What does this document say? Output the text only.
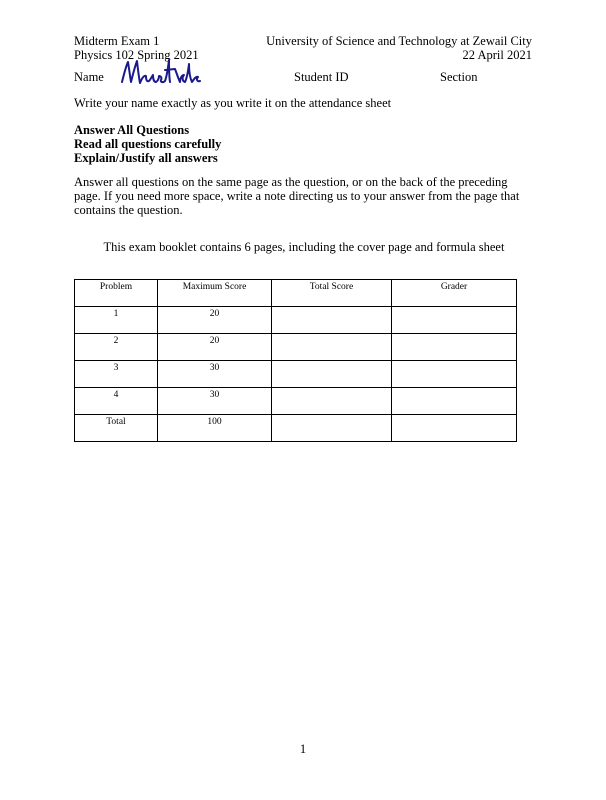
Midterm Exam 1
Physics 102 Spring 2021
University of Science and Technology at Zewail City
22 April 2021
Name	Student ID	Section
Write your name exactly as you write it on the attendance sheet
Answer All Questions
Read all questions carefully
Explain/Justify all answers
Answer all questions on the same page as the question, or on the back of the preceding page. If you need more space, write a note directing us to your answer from the page that contains the question.
This exam booklet contains 6 pages, including the cover page and formula sheet
Problem	Maximum Score	Total Score	Grader
1	20		
2	20		
3	30		
4	30		
Total	100		
1
